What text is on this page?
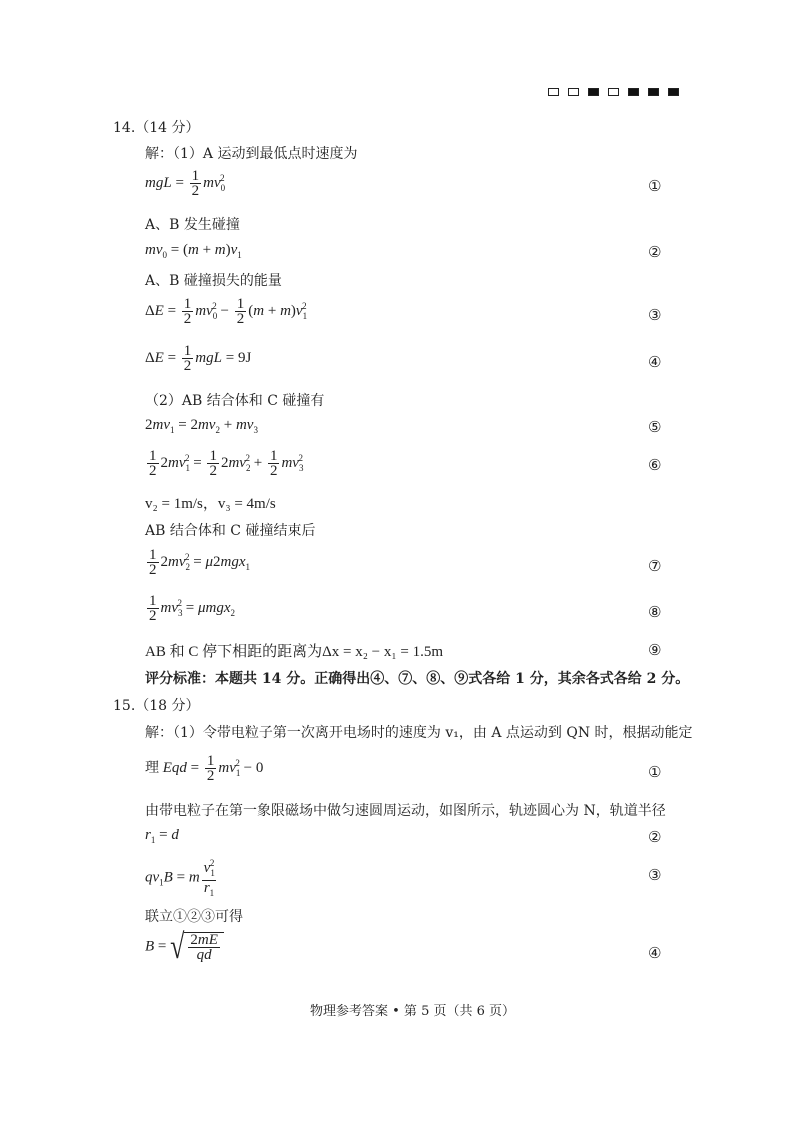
14.（14 分）
解：（1）A 运动到最低点时速度为
mgL = $\frac{1}{2} mv_0^2$	①
A、B 发生碰撞
$mv_0 = (m + m)v_1$	②
A、B 碰撞损失的能量
$\Delta E = \frac{1}{2} mv_0^2 - \frac{1}{2} (m + m)v_1^2$
③
$\Delta E = \frac{1}{2}$ mgL = 9J	④
（2）AB 结合体和 C 碰撞有
$2mv_1 = 2mv_2 + mv_3$	⑤
$\frac{1}{2} 2mv_1^2 = \frac{1}{2} 2mv_2^2 + \frac{1}{2} mv_3^2$	⑥
v₂ = 1m/s，v₃ = 4m/s
AB 结合体和 C 碰撞结束后
$\frac{1}{2} 2mv_2^2 = \mu 2mgx_1$	⑦
$\frac{1}{2} mv_3^2 = \mu mgx_2$	⑧
AB 和 C 停下相距的距离为Δx = x₂ − x₁ = 1.5m	⑨
评分标准：本题共 14 分。正确得出④、⑦、⑧、⑨式各给 1 分，其余各式各给 2 分。
15.（18 分）
解：（1）令带电粒子第一次离开电场时的速度为 v₁，由 A 点运动到 QN 时，根据动能定
理 Eqd = $\frac{1}{2} mv_1^2 - 0$	①
由带电粒子在第一象限磁场中做匀速圆周运动，如图所示，轨迹圆心为 N，轨道半径
$r_1 = d$	②
$qv_1B = m \frac{v_1^2}{r_1}$	③
联立①②③可得
B = √ $\frac{2mE}{qd}$	④
物理参考答案 • 第 5 页（共 6 页）
